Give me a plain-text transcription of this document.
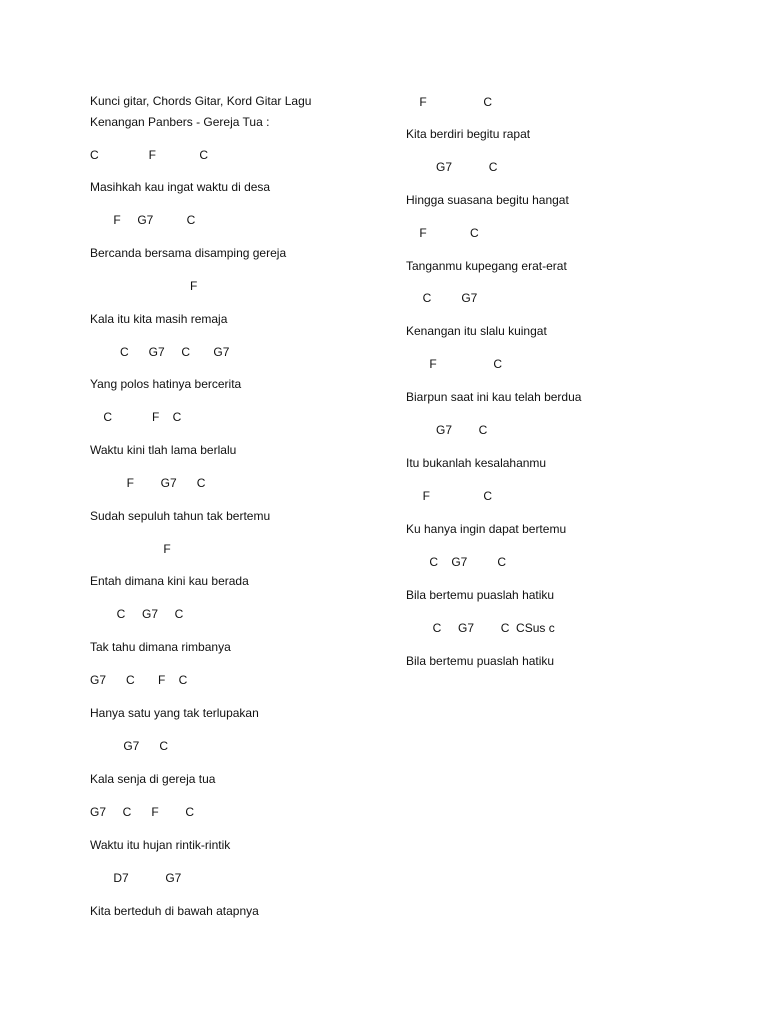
Kunci gitar, Chords Gitar, Kord Gitar Lagu
Kenangan Panbers - Gereja Tua :
C               F             C
Masihkah kau ingat waktu di desa
F     G7          C
Bercanda bersama disamping gereja
F
Kala itu kita masih remaja
C      G7     C       G7
Yang polos hatinya bercerita
C            F    C
Waktu kini tlah lama berlalu
F        G7      C
Sudah sepuluh tahun tak bertemu
F
Entah dimana kini kau berada
C     G7     C
Tak tahu dimana rimbanya
G7      C       F    C
Hanya satu yang tak terlupakan
G7      C
Kala senja di gereja tua
G7     C      F        C
Waktu itu hujan rintik-rintik
D7           G7
Kita berteduh di bawah atapnya
F                 C
Kita berdiri begitu rapat
G7           C
Hingga suasana begitu hangat
F             C
Tanganmu kupegang erat-erat
C         G7
Kenangan itu slalu kuingat
F                 C
Biarpun saat ini kau telah berdua
G7        C
Itu bukanlah kesalahanmu
F                C
Ku hanya ingin dapat bertemu
C    G7         C
Bila bertemu puaslah hatiku
C     G7        C  CSus c
Bila bertemu puaslah hatiku
